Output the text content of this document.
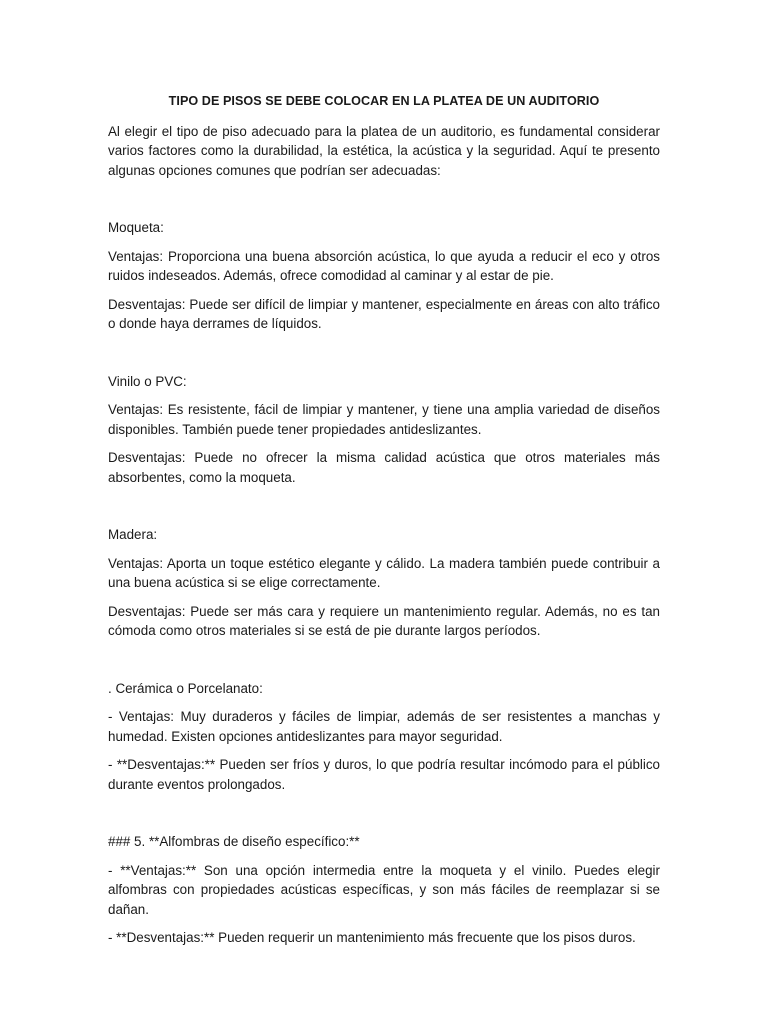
TIPO DE PISOS SE DEBE COLOCAR EN LA PLATEA DE UN AUDITORIO

Al elegir el tipo de piso adecuado para la platea de un auditorio, es fundamental considerar varios factores como la durabilidad, la estética, la acústica y la seguridad. Aquí te presento algunas opciones comunes que podrían ser adecuadas:

Moqueta:

Ventajas: Proporciona una buena absorción acústica, lo que ayuda a reducir el eco y otros ruidos indeseados. Además, ofrece comodidad al caminar y al estar de pie.

Desventajas: Puede ser difícil de limpiar y mantener, especialmente en áreas con alto tráfico o donde haya derrames de líquidos.

Vinilo o PVC:

Ventajas: Es resistente, fácil de limpiar y mantener, y tiene una amplia variedad de diseños disponibles. También puede tener propiedades antideslizantes.

Desventajas: Puede no ofrecer la misma calidad acústica que otros materiales más absorbentes, como la moqueta.

Madera:

Ventajas: Aporta un toque estético elegante y cálido. La madera también puede contribuir a una buena acústica si se elige correctamente.

Desventajas: Puede ser más cara y requiere un mantenimiento regular. Además, no es tan cómoda como otros materiales si se está de pie durante largos períodos.

. Cerámica o Porcelanato:

- Ventajas: Muy duraderos y fáciles de limpiar, además de ser resistentes a manchas y humedad. Existen opciones antideslizantes para mayor seguridad.

- **Desventajas:** Pueden ser fríos y duros, lo que podría resultar incómodo para el público durante eventos prolongados.

### 5. **Alfombras de diseño específico:**

- **Ventajas:** Son una opción intermedia entre la moqueta y el vinilo. Puedes elegir alfombras con propiedades acústicas específicas, y son más fáciles de reemplazar si se dañan.

- **Desventajas:** Pueden requerir un mantenimiento más frecuente que los pisos duros.
